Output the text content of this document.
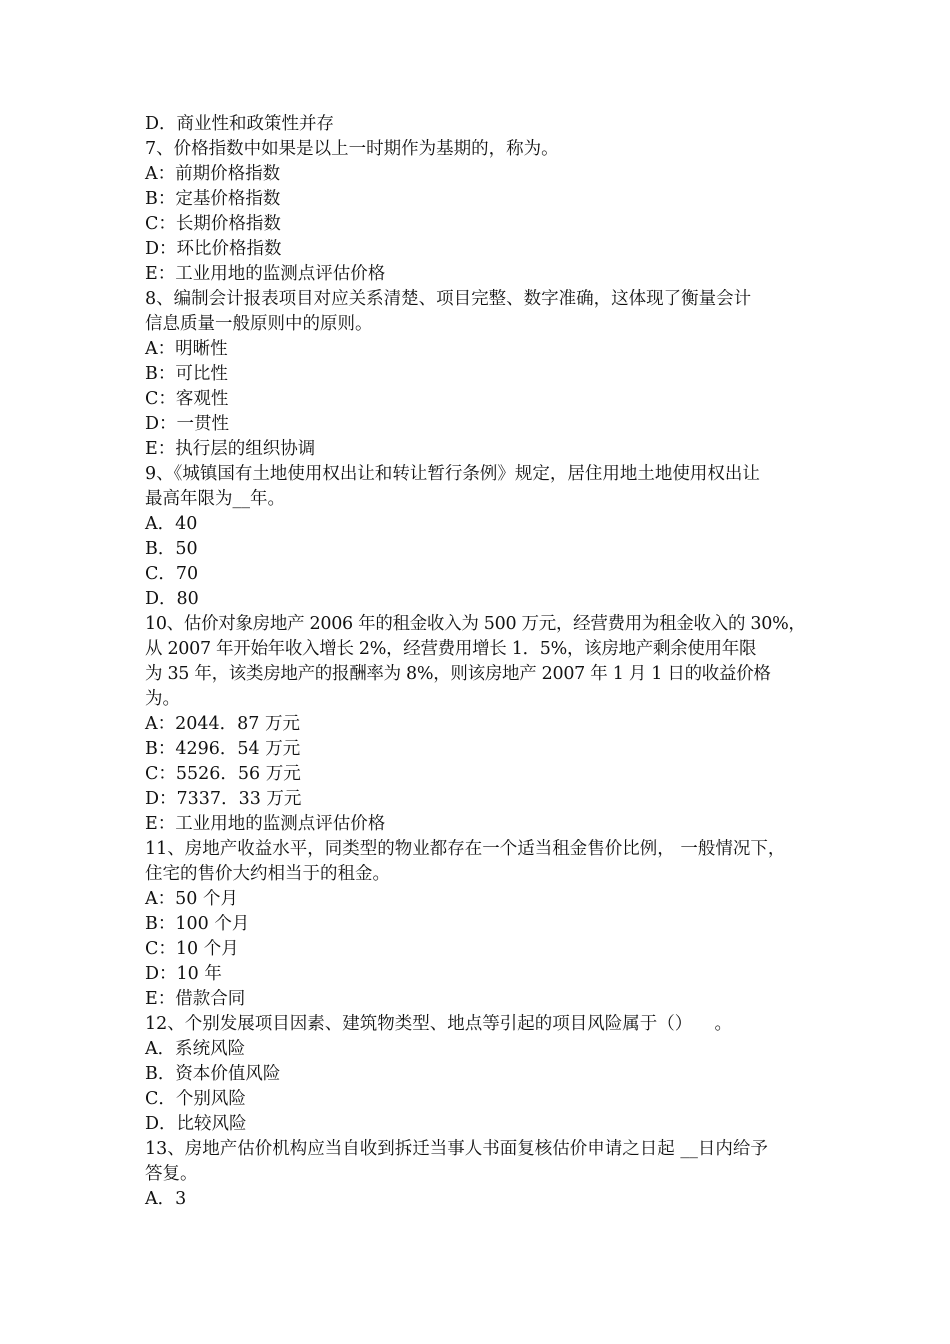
D．商业性和政策性并存
7、价格指数中如果是以上一时期作为基期的，称为。
A：前期价格指数
B：定基价格指数
C：长期价格指数
D：环比价格指数
E：工业用地的监测点评估价格
8、编制会计报表项目对应关系清楚、项目完整、数字准确，这体现了衡量会计
信息质量一般原则中的原则。
A：明晰性
B：可比性
C：客观性
D：一贯性
E：执行层的组织协调
9、《城镇国有土地使用权出让和转让暂行条例》规定，居住用地土地使用权出让
最高年限为__年。
A．40
B．50
C．70
D．80
10、估价对象房地产 2006 年的租金收入为 500 万元，经营费用为租金收入的 30%，
从 2007 年开始年收入增长 2%，经营费用增长 1．5%，该房地产剩余使用年限
为 35 年，该类房地产的报酬率为 8%，则该房地产 2007 年 1 月 1 日的收益价格
为。
A：2044．87 万元
B：4296．54 万元
C：5526．56 万元
D：7337．33 万元
E：工业用地的监测点评估价格
11、房地产收益水平，同类型的物业都存在一个适当租金售价比例， 一般情况下，
住宅的售价大约相当于的租金。
A：50 个月
B：100 个月
C：10 个月
D：10 年
E：借款合同
12、个别发展项目因素、建筑物类型、地点等引起的项目风险属于（）    。
A．系统风险
B．资本价值风险
C．个别风险
D．比较风险
13、房地产估价机构应当自收到拆迁当事人书面复核估价申请之日起 __日内给予
答复。
A．3
